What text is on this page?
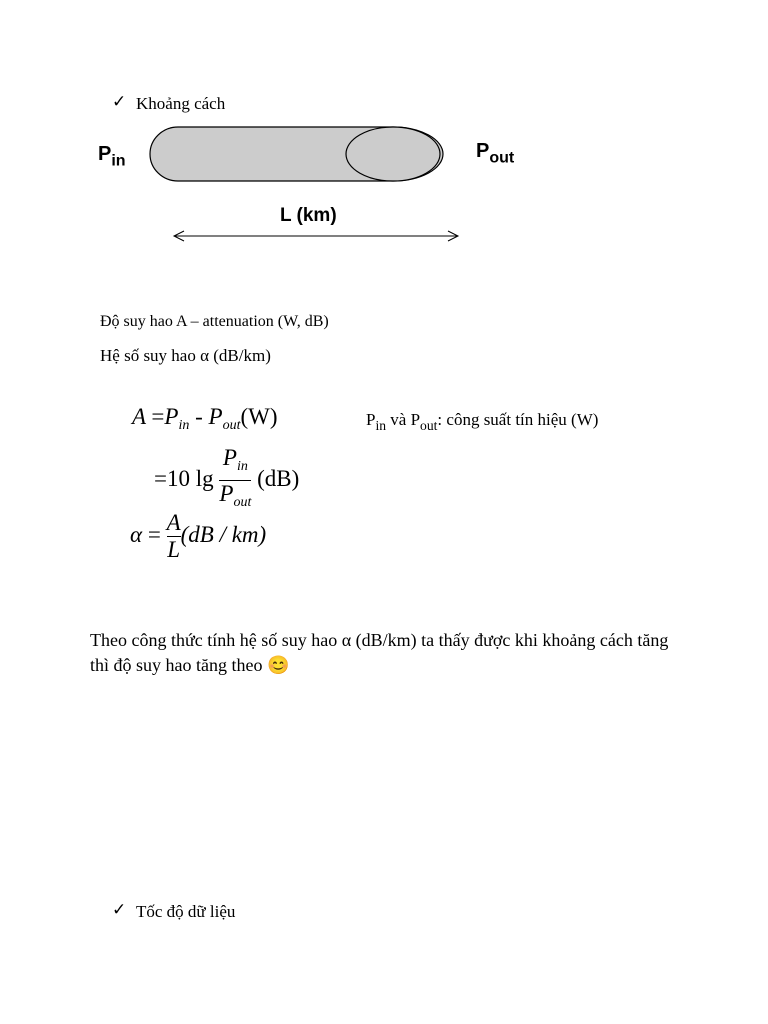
✓ Khoảng cách
$P_{in}$	$P_{out}$
L (km)
Độ suy hao A – attenuation (W, dB)
Hệ số suy hao α (dB/km)
$A =P_{in} - P_{out}(W)$
=10 $\lg \frac{P_{in}}{P_{out}} (dB)$
$\alpha = \frac{A}{L} (dB / km)$
$P_{in}$ và $P_{out}$: công suất tín hiệu (W)
Theo công thức tính hệ số suy hao α (dB/km) ta thấy được khi khoảng cách tăng thì độ suy hao tăng theo 😊
✓ Tốc độ dữ liệu
